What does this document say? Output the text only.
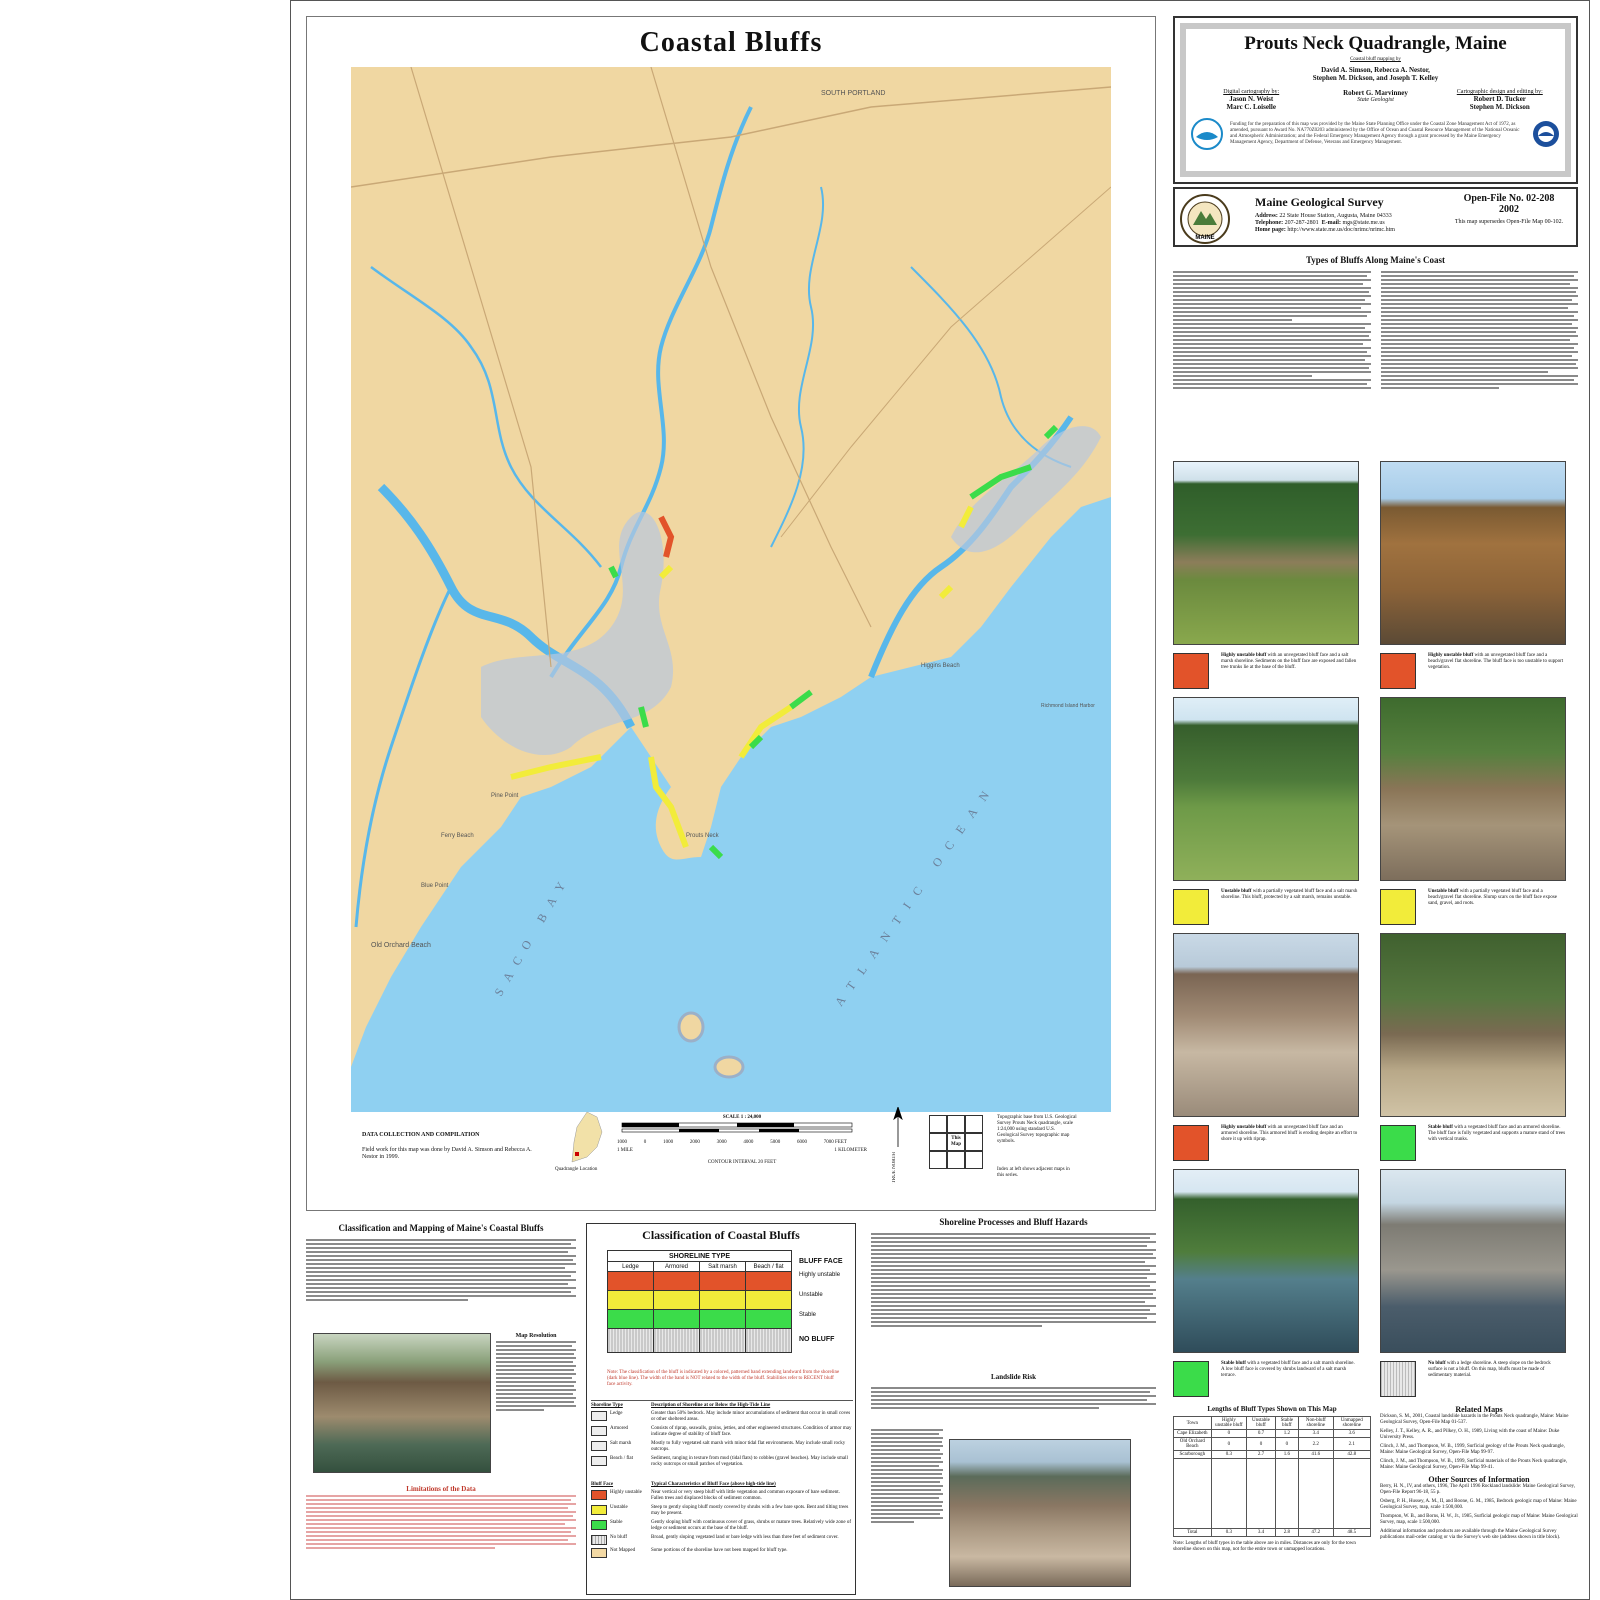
Coastal Bluffs
SOUTH PORTLAND
Higgins Beach
Prouts Neck
Old Orchard Beach
Pine Point
Ferry Beach
Blue Point	SACO BAY	ATLANTIC OCEAN
Richmond Island Harbor
DATA COLLECTION AND COMPILATION
Field work for this map was done by David A. Simson and Rebecca A. Nestor in 1999.
Quadrangle Location
SCALE 1 : 24,000
1000	0	1000	2000	3000	4000	5000	6000	7000 FEET
1 MILE	1 KILOMETER
CONTOUR INTERVAL 20 FEET	TRUE NORTH
This Map
Topographic base from U.S. Geological Survey Prouts Neck quadrangle, scale 1:24,000 using standard U.S. Geological Survey topographic map symbols.
Index at left shows adjacent maps in this series.
Prouts Neck Quadrangle, Maine
Coastal bluff mapping by
David A. Simson, Rebecca A. Nestor,
Stephen M. Dickson, and Joseph T. Kelley
Digital cartography by:
Jason N. Weist
Marc C. Loiselle
Robert G. Marvinney
State Geologist
Cartographic design and editing by:
Robert D. Tucker
Stephen M. Dickson
Funding for the preparation of this map was provided by the Maine State Planning Office under the Coastal Zone Management Act of 1972, as amended, pursuant to Award No. NA770Z0203 administered by the Office of Ocean and Coastal Resource Management of the National Oceanic and Atmospheric Administration; and the Federal Emergency Management Agency through a grant processed by the Maine Emergency Management Agency, Department of Defense, Veterans and Emergency Management.
MAINE
Maine Geological Survey
Address: 22 State House Station, Augusta, Maine 04333
Telephone: 207-287-2801 E-mail: mgs@state.me.us
Home page: http://www.state.me.us/doc/nrimc/nrimc.htm
Open-File No. 02-208
2002
This map supersedes Open-File Map 00-102.
Types of Bluffs Along Maine's Coast
Highly unstable bluff with an unvegetated bluff face and a salt marsh shoreline. Sediments on the bluff face are exposed and fallen tree trunks lie at the base of the bluff.
Highly unstable bluff with an unvegetated bluff face and a beach/gravel flat shoreline. The bluff face is too unstable to support vegetation.
Unstable bluff with a partially vegetated bluff face and a salt marsh shoreline. This bluff, protected by a salt marsh, remains unstable.
Unstable bluff with a partially vegetated bluff face and a beach/gravel flat shoreline. Slump scars on the bluff face expose sand, gravel, and roots.
Highly unstable bluff with an unvegetated bluff face and an armored shoreline. This armored bluff is eroding despite an effort to shore it up with riprap.
Stable bluff with a vegetated bluff face and an armored shoreline. The bluff face is fully vegetated and supports a mature stand of trees with vertical trunks.
Stable bluff with a vegetated bluff face and a salt marsh shoreline. A low bluff face is covered by shrubs landward of a salt marsh terrace.
No bluff with a ledge shoreline. A steep slope on the bedrock surface is not a bluff. On this map, bluffs must be made of sedimentary material.
Lengths of Bluff Types Shown on This Map
Town	Highly unstable bluff	Unstable bluff	Stable bluff	Non-bluff shoreline	Unmapped shoreline
Cape Elizabeth	0	0.7	1.2	3.4	3.6
Old Orchard Beach	0	0	0	2.2	2.1
Scarborough	0.3	2.7	1.6	41.6	42.8

Total	0.3	3.4	2.8	47.2	48.5
Note: Lengths of bluff types in the table above are in miles. Distances are only for the town shoreline shown on this map, not for the entire town or unmapped locations.
Related Maps
Dickson, S. M., 2001, Coastal landslide hazards in the Prouts Neck quadrangle, Maine: Maine Geological Survey, Open-File Map 01-537.
Kelley, J. T., Kelley, A. R., and Pilkey, O. H., 1989, Living with the coast of Maine: Duke University Press.
Clinch, J. M., and Thompson, W. B., 1999, Surficial geology of the Prouts Neck quadrangle, Maine: Maine Geological Survey, Open-File Map 99-97.
Clinch, J. M., and Thompson, W. B., 1999, Surficial materials of the Prouts Neck quadrangle, Maine: Maine Geological Survey, Open-File Map 99-41.
Other Sources of Information
Berry, H. N., IV, and others, 1996, The April 1996 Rockland landslide: Maine Geological Survey, Open-File Report 96-18, 55 p.
Osberg, P. H., Hussey, A. M., II, and Boone, G. M., 1985, Bedrock geologic map of Maine: Maine Geological Survey, map, scale 1:500,000.
Thompson, W. B., and Borns, H. W., Jr., 1985, Surficial geologic map of Maine: Maine Geological Survey, map, scale 1:500,000.
Additional information and products are available through the Maine Geological Survey publications mail-order catalog or via the Survey's web site (address shown in title block).
Classification and Mapping of Maine's Coastal Bluffs
Map Resolution
Limitations of the Data
Classification of Coastal Bluffs
SHORELINE TYPE			
Ledge	Armored	Salt marsh	Beach / flat

BLUFF FACE
Highly unstable
Unstable
Stable
NO BLUFF
Note: The classification of the bluff is indicated by a colored, patterned band extending landward from the shoreline (dark blue line). The width of the band is NOT related to the width of the bluff. Stabilities refer to RECENT bluff face activity.
Shoreline Type	Description of Shoreline at or Below the High-Tide Line
Ledge	Greater than 50% bedrock. May include minor accumulations of sediment that occur in small coves or other sheltered areas.
Armored	Consists of riprap, seawalls, groins, jetties, and other engineered structures. Condition of armor may indicate degree of stability of bluff face.
Salt marsh	Mostly to fully vegetated salt marsh with minor tidal flat environments. May include small rocky outcrops.
Beach / flat	Sediment, ranging in texture from mud (tidal flats) to cobbles (gravel beaches). May include small rocky outcrops or small patches of vegetation.
Bluff Face	Typical Characteristics of Bluff Face (above high-tide line)
Highly unstable	Near vertical or very steep bluff with little vegetation and common exposure of bare sediment. Fallen trees and displaced blocks of sediment common.
Unstable	Steep to gently sloping bluff mostly covered by shrubs with a few bare spots. Bent and tilting trees may be present.
Stable	Gently sloping bluff with continuous cover of grass, shrubs or mature trees. Relatively wide zone of ledge or sediment occurs at the base of the bluff.
No bluff	Broad, gently sloping vegetated land or bare ledge with less than three feet of sediment cover.
Not Mapped	Some portions of the shoreline have not been mapped for bluff type.
Shoreline Processes and Bluff Hazards
Landslide Risk
